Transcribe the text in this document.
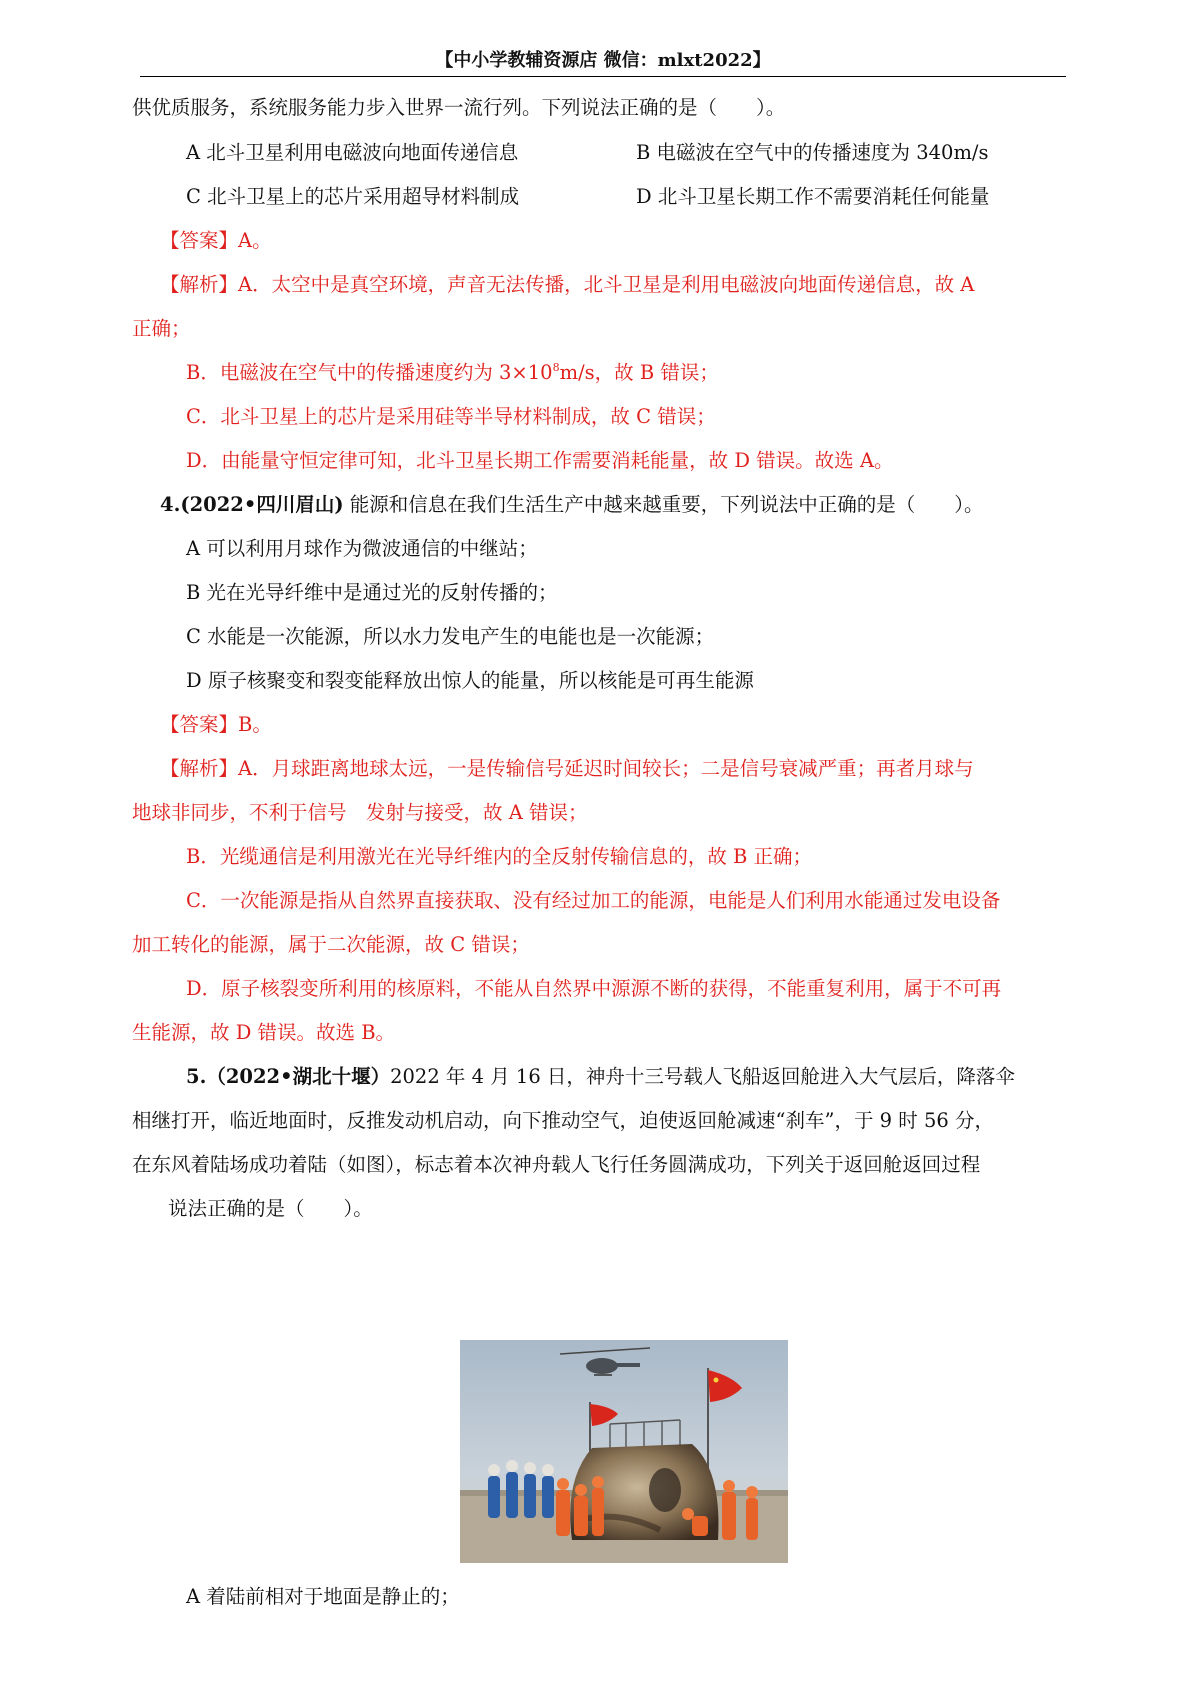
【中小学教辅资源店 微信：mlxt2022】
供优质服务，系统服务能力步入世界一流行列。下列说法正确的是（　　）。
A 北斗卫星利用电磁波向地面传递信息	B 电磁波在空气中的传播速度为 340m/s
C 北斗卫星上的芯片采用超导材料制成	D 北斗卫星长期工作不需要消耗任何能量
【答案】A。
【解析】A．太空中是真空环境，声音无法传播，北斗卫星是利用电磁波向地面传递信息，故 A
正确；
B．电磁波在空气中的传播速度约为 $3\times 10^8m/s$，故 B 错误；
C．北斗卫星上的芯片是采用硅等半导材料制成，故 C 错误；
D．由能量守恒定律可知，北斗卫星长期工作需要消耗能量，故 D 错误。故选 A。
4.(2022•四川眉山) 能源和信息在我们生活生产中越来越重要，下列说法中正确的是（　　）。
A 可以利用月球作为微波通信的中继站；
B 光在光导纤维中是通过光的反射传播的；
C 水能是一次能源，所以水力发电产生的电能也是一次能源；
D 原子核聚变和裂变能释放出惊人的能量，所以核能是可再生能源
【答案】B。
【解析】A．月球距离地球太远，一是传输信号延迟时间较长；二是信号衰减严重；再者月球与
地球非同步，不利于信号　发射与接受，故 A 错误；
B．光缆通信是利用激光在光导纤维内的全反射传输信息的，故 B 正确；
C．一次能源是指从自然界直接获取、没有经过加工的能源，电能是人们利用水能通过发电设备
加工转化的能源，属于二次能源，故 C 错误；
D．原子核裂变所利用的核原料，不能从自然界中源源不断的获得，不能重复利用，属于不可再
生能源，故 D 错误。故选 B。
5.（2022•湖北十堰）2022 年 4 月 16 日，神舟十三号载人飞船返回舱进入大气层后，降落伞
相继打开，临近地面时，反推发动机启动，向下推动空气，迫使返回舱减速“刹车”，于 9 时 56 分，
在东风着陆场成功着陆（如图），标志着本次神舟载人飞行任务圆满成功，下列关于返回舱返回过程
说法正确的是（　　）。
A 着陆前相对于地面是静止的；
